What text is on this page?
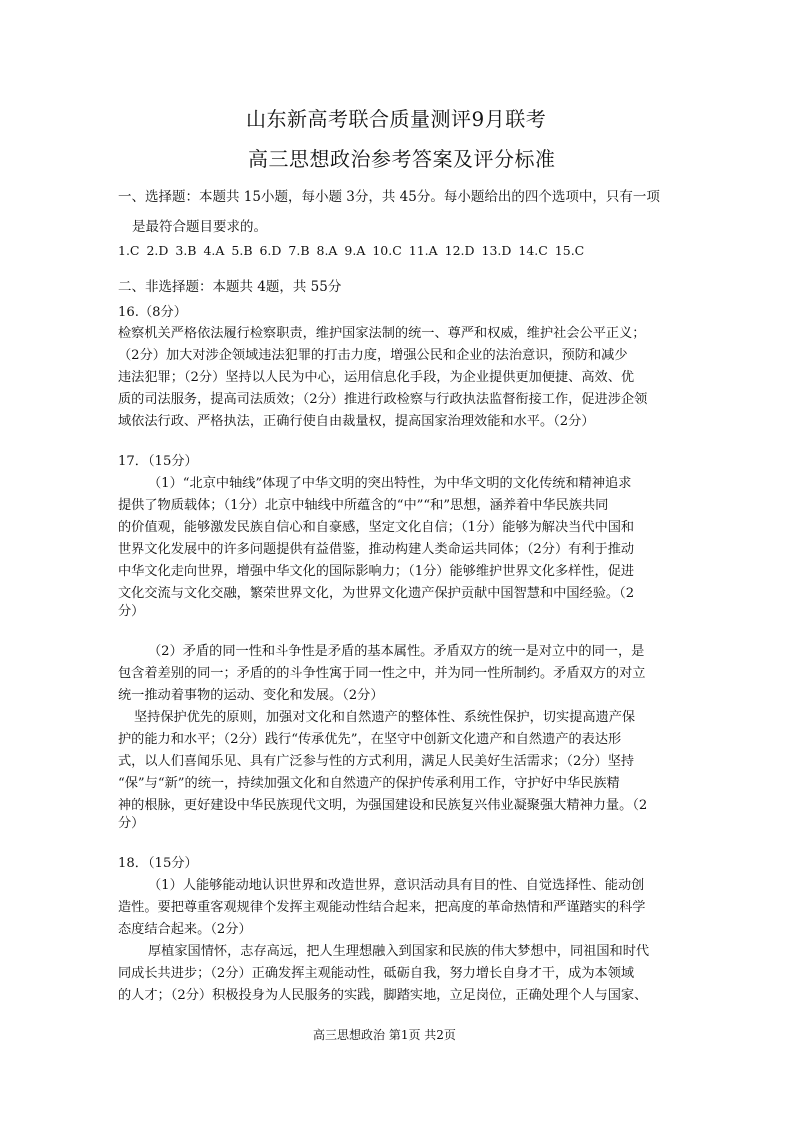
山东新高考联合质量测评9月联考
高三思想政治参考答案及评分标准
一、选择题：本题共 15小题，每小题 3分，共 45分。每小题给出的四个选项中，只有一项
是最符合题目要求的。
1.C 2.D 3.B 4.A 5.B 6.D 7.B 8.A 9.A 10.C 11.A 12.D 13.D 14.C 15.C
二、非选择题：本题共 4题，共 55分
16.（8分）
检察机关严格依法履行检察职责，维护国家法制的统一、尊严和权威，维护社会公平正义；
（2分）加大对涉企领域违法犯罪的打击力度，增强公民和企业的法治意识，预防和减少
违法犯罪；（2分）坚持以人民为中心，运用信息化手段，为企业提供更加便捷、高效、优
质的司法服务，提高司法质效；（2分）推进行政检察与行政执法监督衔接工作，促进涉企领
域依法行政、严格执法，正确行使自由裁量权，提高国家治理效能和水平。（2分）
17．（15分）
（1）“北京中轴线”体现了中华文明的突出特性，为中华文明的文化传统和精神追求
提供了物质载体；（1分）北京中轴线中所蕴含的“中”“和”思想，涵养着中华民族共同
的价值观，能够激发民族自信心和自豪感，坚定文化自信；（1分）能够为解决当代中国和
世界文化发展中的许多问题提供有益借鉴，推动构建人类命运共同体；（2分）有利于推动
中华文化走向世界，增强中华文化的国际影响力；（1分）能够维护世界文化多样性，促进
文化交流与文化交融，繁荣世界文化，为世界文化遗产保护贡献中国智慧和中国经验。（2
分）
（2）矛盾的同一性和斗争性是矛盾的基本属性。矛盾双方的统一是对立中的同一，是
包含着差别的同一；矛盾的的斗争性寓于同一性之中，并为同一性所制约。矛盾双方的对立
统一推动着事物的运动、变化和发展。（2分）
坚持保护优先的原则，加强对文化和自然遗产的整体性、系统性保护，切实提高遗产保
护的能力和水平；（2分）践行“传承优先”，在坚守中创新文化遗产和自然遗产的表达形
式，以人们喜闻乐见、具有广泛参与性的方式利用，满足人民美好生活需求；（2分）坚持
“保”与“新”的统一，持续加强文化和自然遗产的保护传承利用工作，守护好中华民族精
神的根脉，更好建设中华民族现代文明，为强国建设和民族复兴伟业凝聚强大精神力量。（2
分）
18．（15分）
（1）人能够能动地认识世界和改造世界，意识活动具有目的性、自觉选择性、能动创
造性。要把尊重客观规律个发挥主观能动性结合起来，把高度的革命热情和严谨踏实的科学
态度结合起来。（2分）
厚植家国情怀，志存高远，把人生理想融入到国家和民族的伟大梦想中，同祖国和时代
同成长共进步；（2分）正确发挥主观能动性，砥砺自我，努力增长自身才干，成为本领域
的人才；（2分）积极投身为人民服务的实践，脚踏实地，立足岗位，正确处理个人与国家、
高三思想政治 第1页 共2页
